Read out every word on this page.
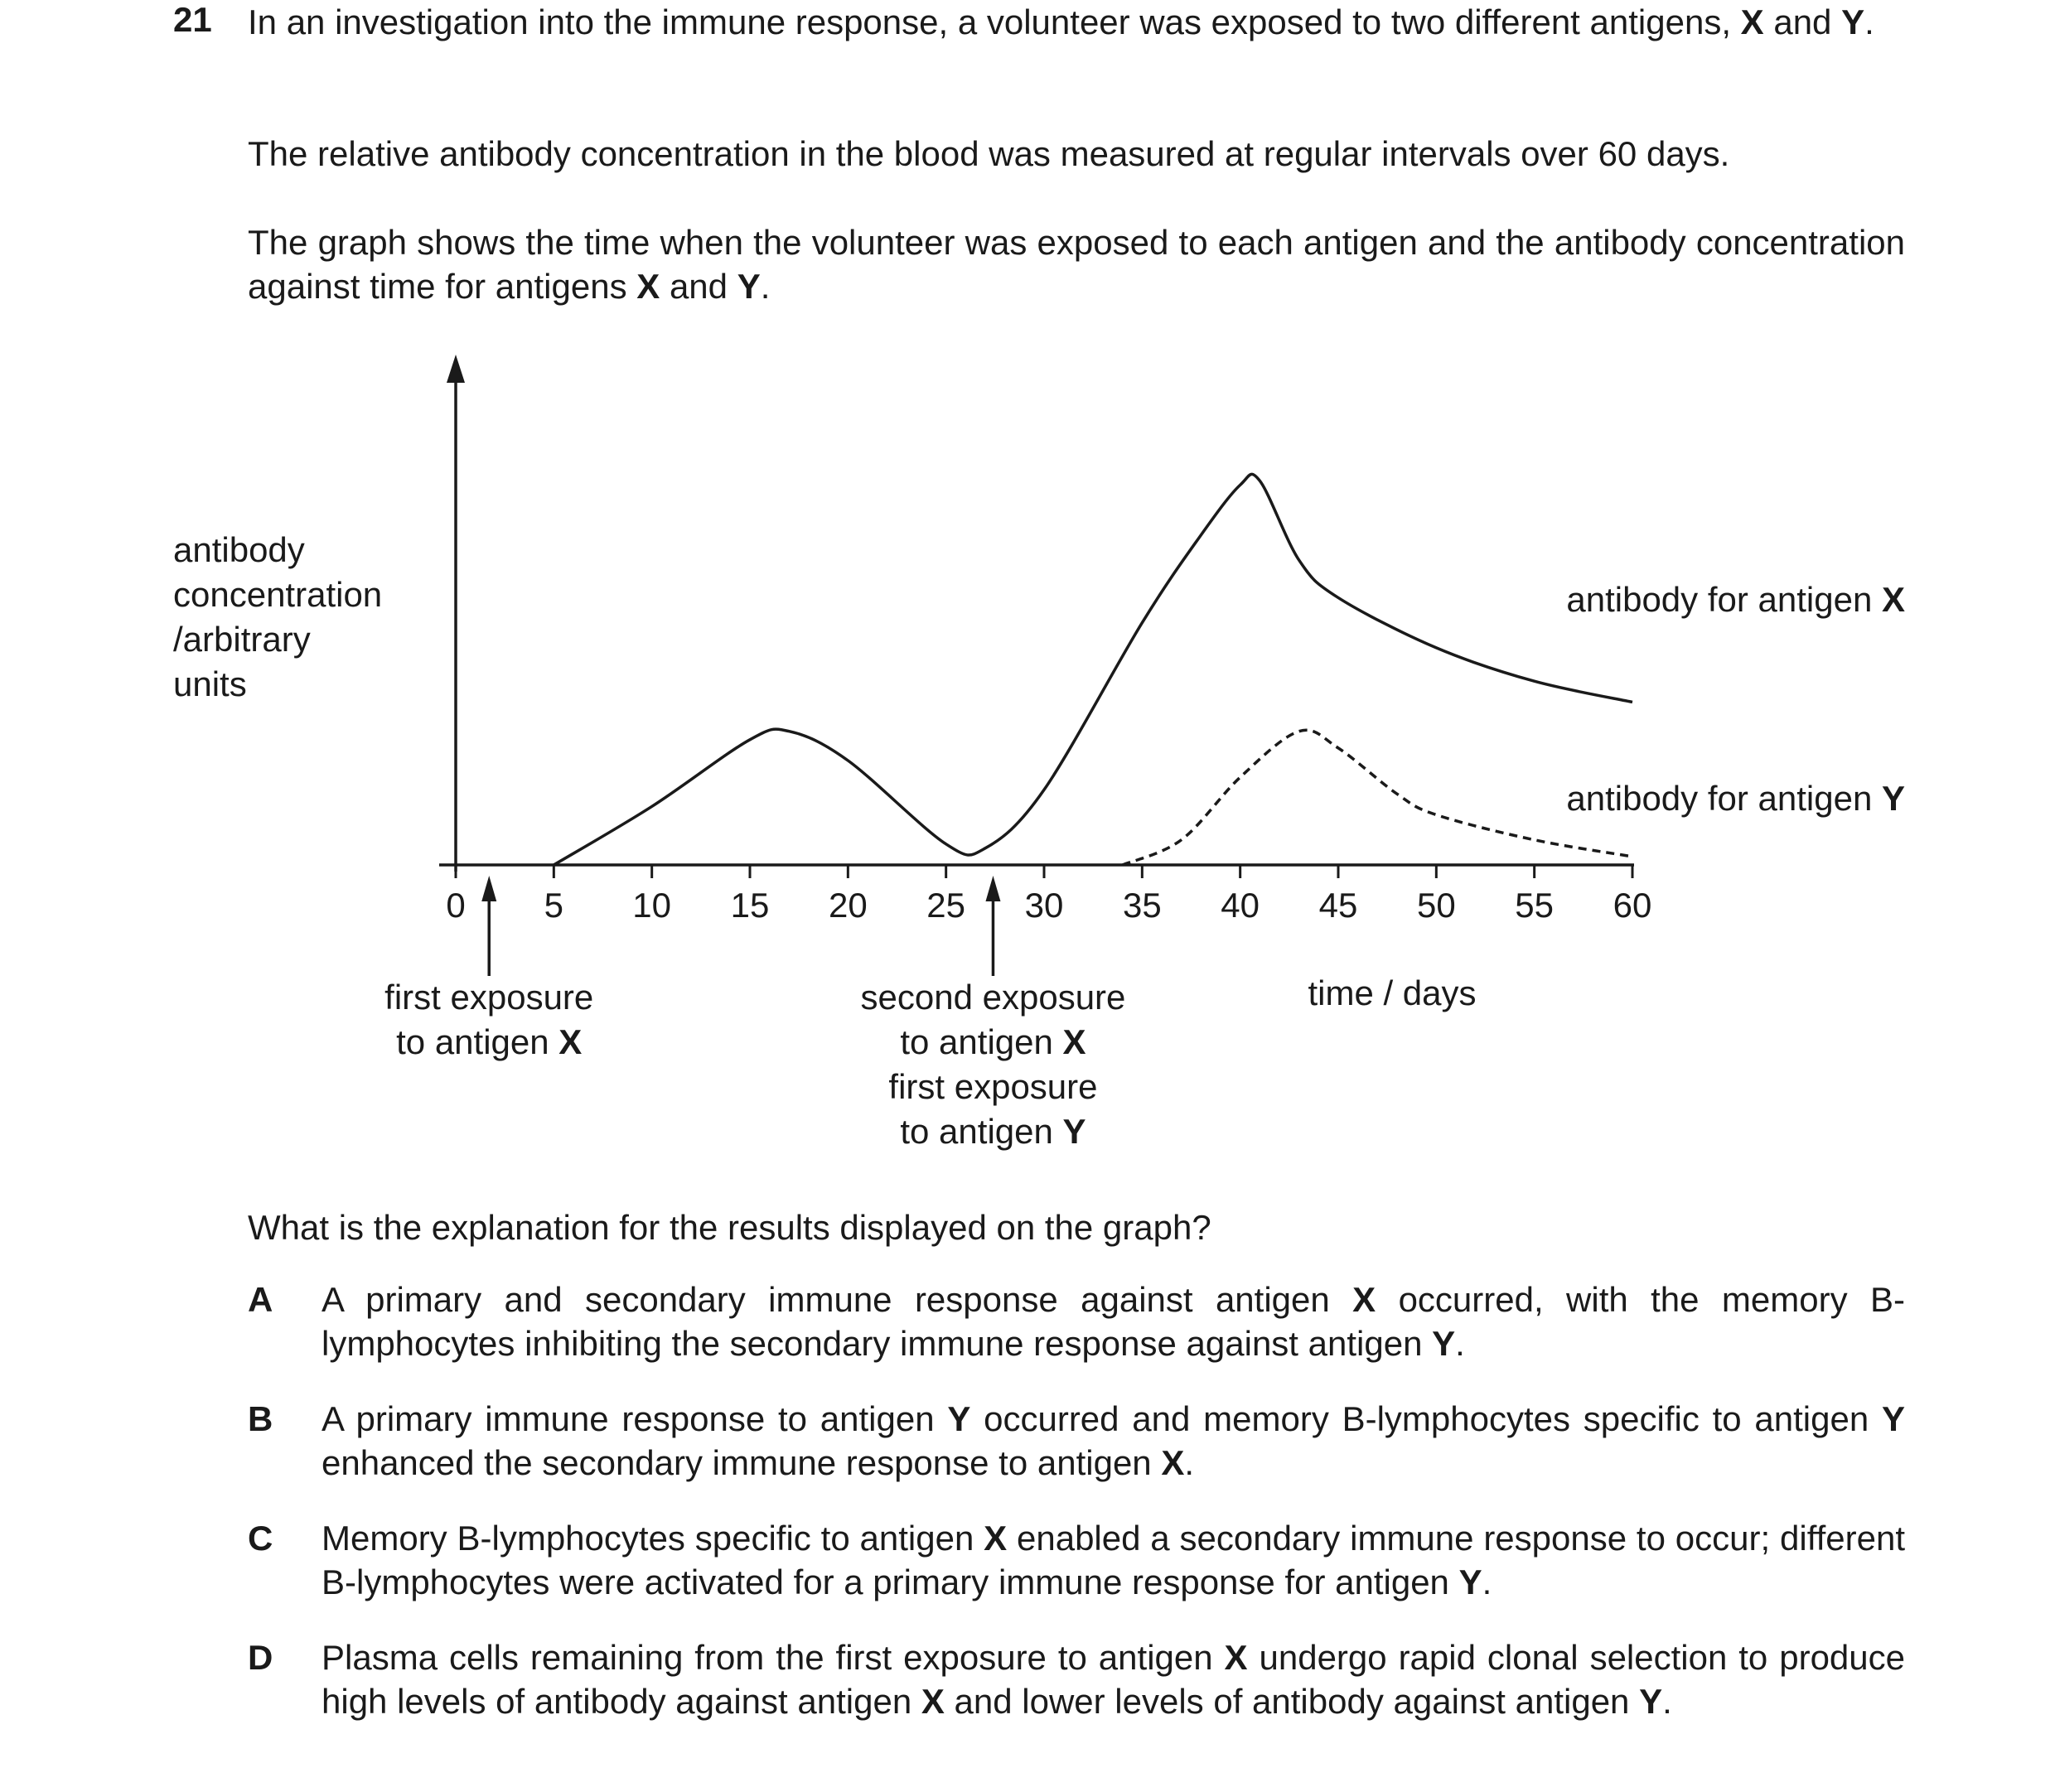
21 In an investigation into the immune response, a volunteer was exposed to two different antigens, X and Y.

The relative antibody concentration in the blood was measured at regular intervals over 60 days.

The graph shows the time when the volunteer was exposed to each antigen and the antibody concentration against time for antigens X and Y.

antibody
concentration
/arbitrary
units
0 5 10 15 20 25 30 35 40 45 50 55 60
antibody for antigen X
antibody for antigen Y
first exposure
to antigen X
second exposure
to antigen X
first exposure
to antigen Y
time / days

What is the explanation for the results displayed on the graph?

A A primary and secondary immune response against antigen X occurred, with the memory B-lymphocytes inhibiting the secondary immune response against antigen Y.

B A primary immune response to antigen Y occurred and memory B-lymphocytes specific to antigen Y enhanced the secondary immune response to antigen X.

C Memory B-lymphocytes specific to antigen X enabled a secondary immune response to occur; different B-lymphocytes were activated for a primary immune response for antigen Y.

D Plasma cells remaining from the first exposure to antigen X undergo rapid clonal selection to produce high levels of antibody against antigen X and lower levels of antibody against antigen Y.
